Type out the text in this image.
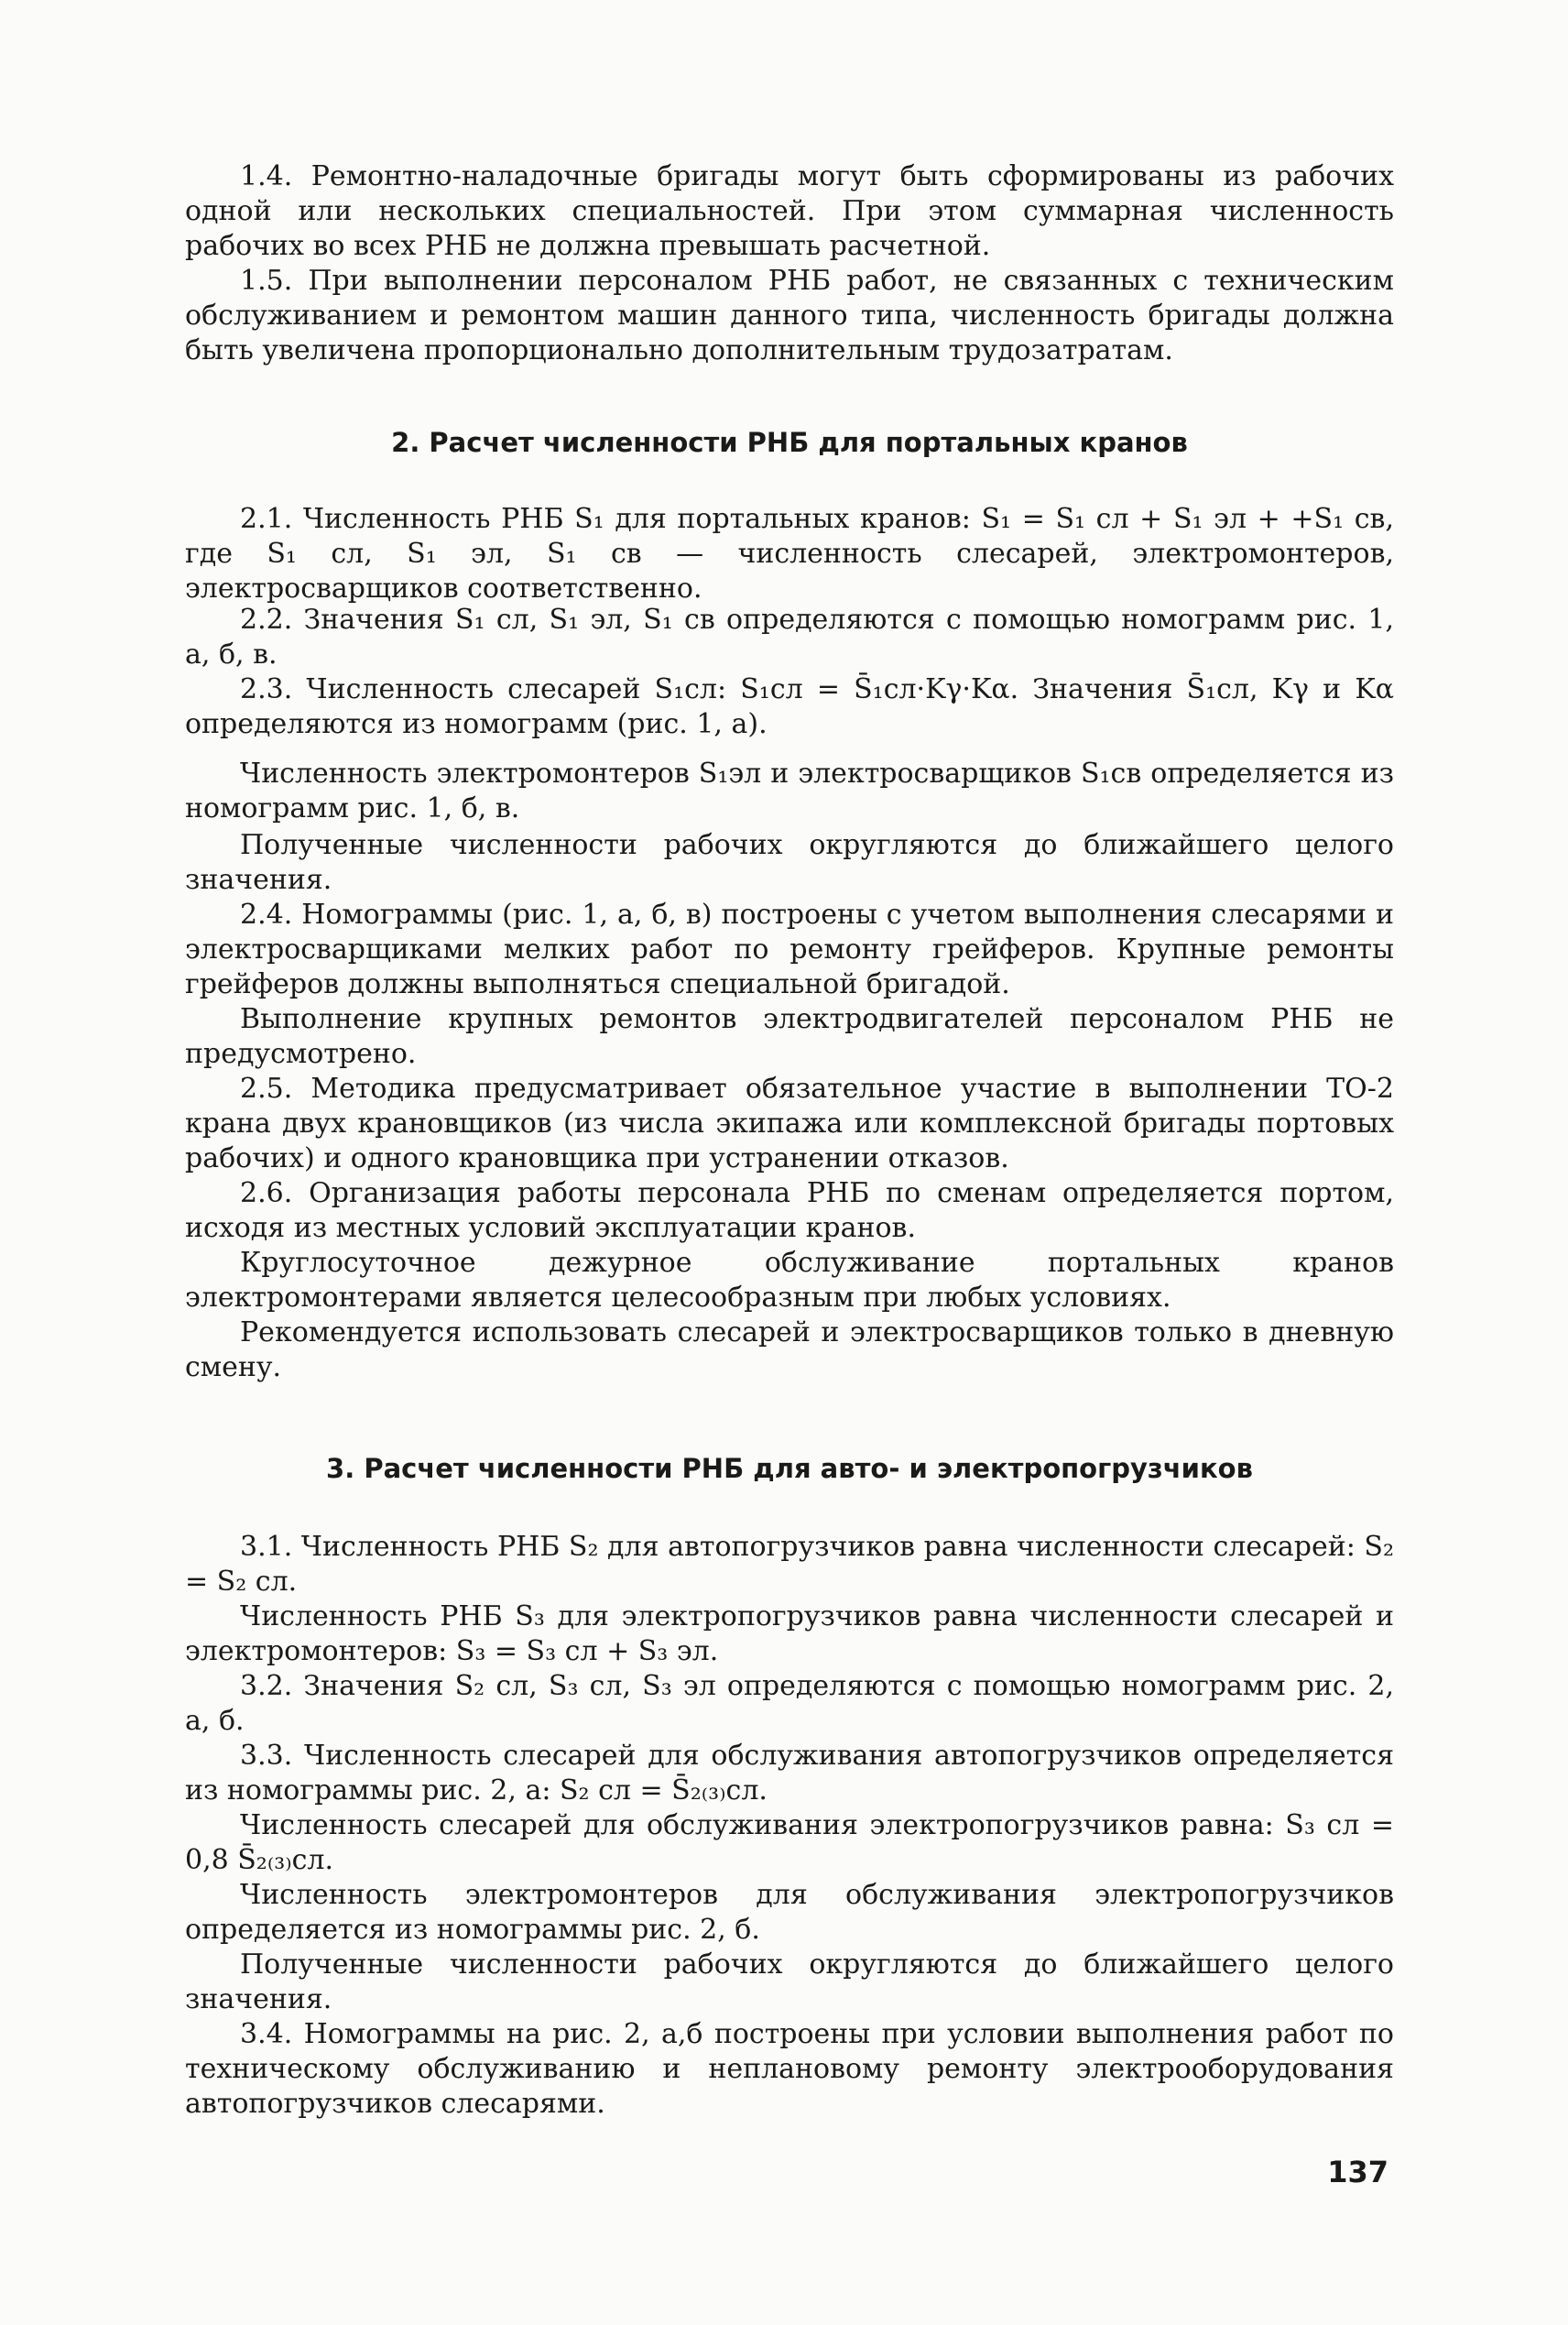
1.4. Ремонтно-наладочные бригады могут быть сформированы из рабочих одной или нескольких специальностей. При этом суммарная численность рабочих во всех РНБ не должна превышать расчетной.

1.5. При выполнении персоналом РНБ работ, не связанных с техническим обслуживанием и ремонтом машин данного типа, численность бригады должна быть увеличена пропорционально дополнительным трудозатратам.

2. Расчет численности РНБ для портальных кранов

2.1. Численность РНБ S₁ для портальных кранов: S₁ = S₁ сл + S₁ эл + +S₁ св, где S₁ сл, S₁ эл, S₁ св — численность слесарей, электромонтеров, электросварщиков соответственно.

2.2. Значения S₁ сл, S₁ эл, S₁ св определяются с помощью номограмм рис. 1, а, б, в.

2.3. Численность слесарей S₁сл: S₁сл = S̄₁сл·Kγ·Kα. Значения S̄₁сл, Kγ и Kα определяются из номограмм (рис. 1, а).

Численность электромонтеров S₁эл и электросварщиков S₁св определяется из номограмм рис. 1, б, в.

Полученные численности рабочих округляются до ближайшего целого значения.

2.4. Номограммы (рис. 1, а, б, в) построены с учетом выполнения слесарями и электросварщиками мелких работ по ремонту грейферов. Крупные ремонты грейферов должны выполняться специальной бригадой.

Выполнение крупных ремонтов электродвигателей персоналом РНБ не предусмотрено.

2.5. Методика предусматривает обязательное участие в выполнении ТО-2 крана двух крановщиков (из числа экипажа или комплексной бригады портовых рабочих) и одного крановщика при устранении отказов.

2.6. Организация работы персонала РНБ по сменам определяется портом, исходя из местных условий эксплуатации кранов.

Круглосуточное дежурное обслуживание портальных кранов электромонтерами является целесообразным при любых условиях.

Рекомендуется использовать слесарей и электросварщиков только в дневную смену.

3. Расчет численности РНБ для авто- и электропогрузчиков

3.1. Численность РНБ S₂ для автопогрузчиков равна численности слесарей: S₂ = S₂ сл.

Численность РНБ S₃ для электропогрузчиков равна численности слесарей и электромонтеров: S₃ = S₃ сл + S₃ эл.

3.2. Значения S₂ сл, S₃ сл, S₃ эл определяются с помощью номограмм рис. 2, а, б.

3.3. Численность слесарей для обслуживания автопогрузчиков определяется из номограммы рис. 2, а: S₂ сл = S̄₂₍₃₎сл.

Численность слесарей для обслуживания электропогрузчиков равна: S₃ сл = 0,8 S̄₂₍₃₎сл.

Численность электромонтеров для обслуживания электропогрузчиков определяется из номограммы рис. 2, б.

Полученные численности рабочих округляются до ближайшего целого значения.

3.4. Номограммы на рис. 2, а,б построены при условии выполнения работ по техническому обслуживанию и неплановому ремонту электрооборудования автопогрузчиков слесарями.

137
